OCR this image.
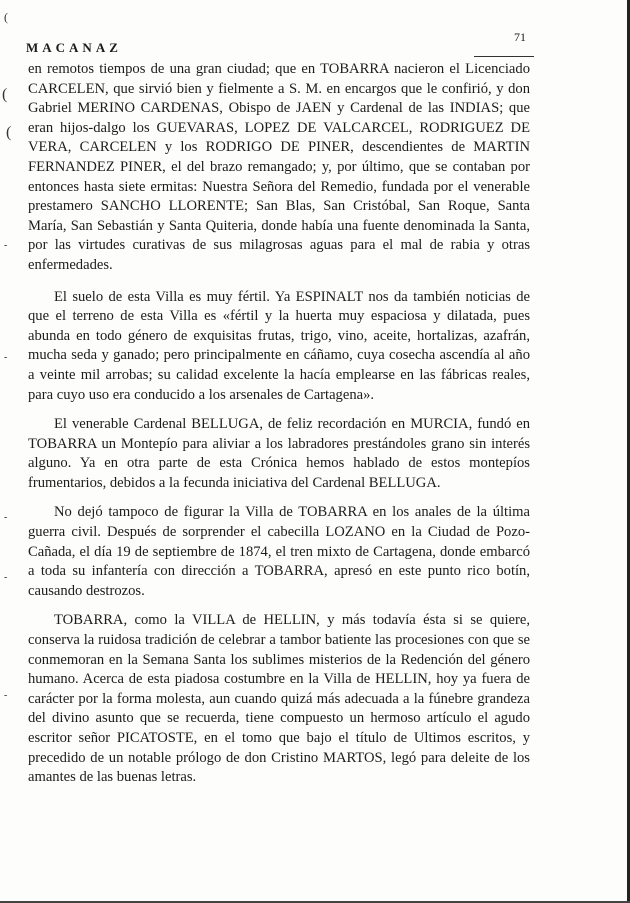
MACANAZ
71
(
(
(
-
-
-
-
-

en remotos tiempos de una gran ciudad; que en TOBARRA nacieron el Licenciado CARCELEN, que sirvió bien y fielmente a S. M. en encargos que le confirió, y don Gabriel MERINO CARDENAS, Obispo de JAEN y Cardenal de las INDIAS; que eran hijos-dalgo los GUEVARAS, LOPEZ DE VALCARCEL, RODRIGUEZ DE VERA, CARCELEN y los RODRIGO DE PINER, descendientes de MARTIN FERNANDEZ PINER, el del brazo remangado; y, por último, que se contaban por entonces hasta siete ermitas: Nuestra Señora del Remedio, fundada por el venerable prestamero SANCHO LLORENTE; San Blas, San Cristóbal, San Roque, Santa María, San Sebastián y Santa Quiteria, donde había una fuente denominada la Santa, por las virtudes curativas de sus milagrosas aguas para el mal de rabia y otras enfermedades.

El suelo de esta Villa es muy fértil. Ya ESPINALT nos da también noticias de que el terreno de esta Villa es «fértil y la huerta muy espaciosa y dilatada, pues abunda en todo género de exquisitas frutas, trigo, vino, aceite, hortalizas, azafrán, mucha seda y ganado; pero principalmente en cáñamo, cuya cosecha ascendía al año a veinte mil arrobas; su calidad excelente la hacía emplearse en las fábricas reales, para cuyo uso era conducido a los arsenales de Cartagena».

El venerable Cardenal BELLUGA, de feliz recordación en MURCIA, fundó en TOBARRA un Montepío para aliviar a los labradores prestándoles grano sin interés alguno. Ya en otra parte de esta Crónica hemos hablado de estos montepíos frumentarios, debidos a la fecunda iniciativa del Cardenal BELLUGA.

No dejó tampoco de figurar la Villa de TOBARRA en los anales de la última guerra civil. Después de sorprender el cabecilla LOZANO en la Ciudad de Pozo-Cañada, el día 19 de septiembre de 1874, el tren mixto de Cartagena, donde embarcó a toda su infantería con dirección a TOBARRA, apresó en este punto rico botín, causando destrozos.

TOBARRA, como la VILLA de HELLIN, y más todavía ésta si se quiere, conserva la ruidosa tradición de celebrar a tambor batiente las procesiones con que se conmemoran en la Semana Santa los sublimes misterios de la Redención del género humano. Acerca de esta piadosa costumbre en la Villa de HELLIN, hoy ya fuera de carácter por la forma molesta, aun cuando quizá más adecuada a la fúnebre grandeza del divino asunto que se recuerda, tiene compuesto un hermoso artículo el agudo escritor señor PICATOSTE, en el tomo que bajo el título de Ultimos escritos, y precedido de un notable prólogo de don Cristino MARTOS, legó para deleite de los amantes de las buenas letras.
